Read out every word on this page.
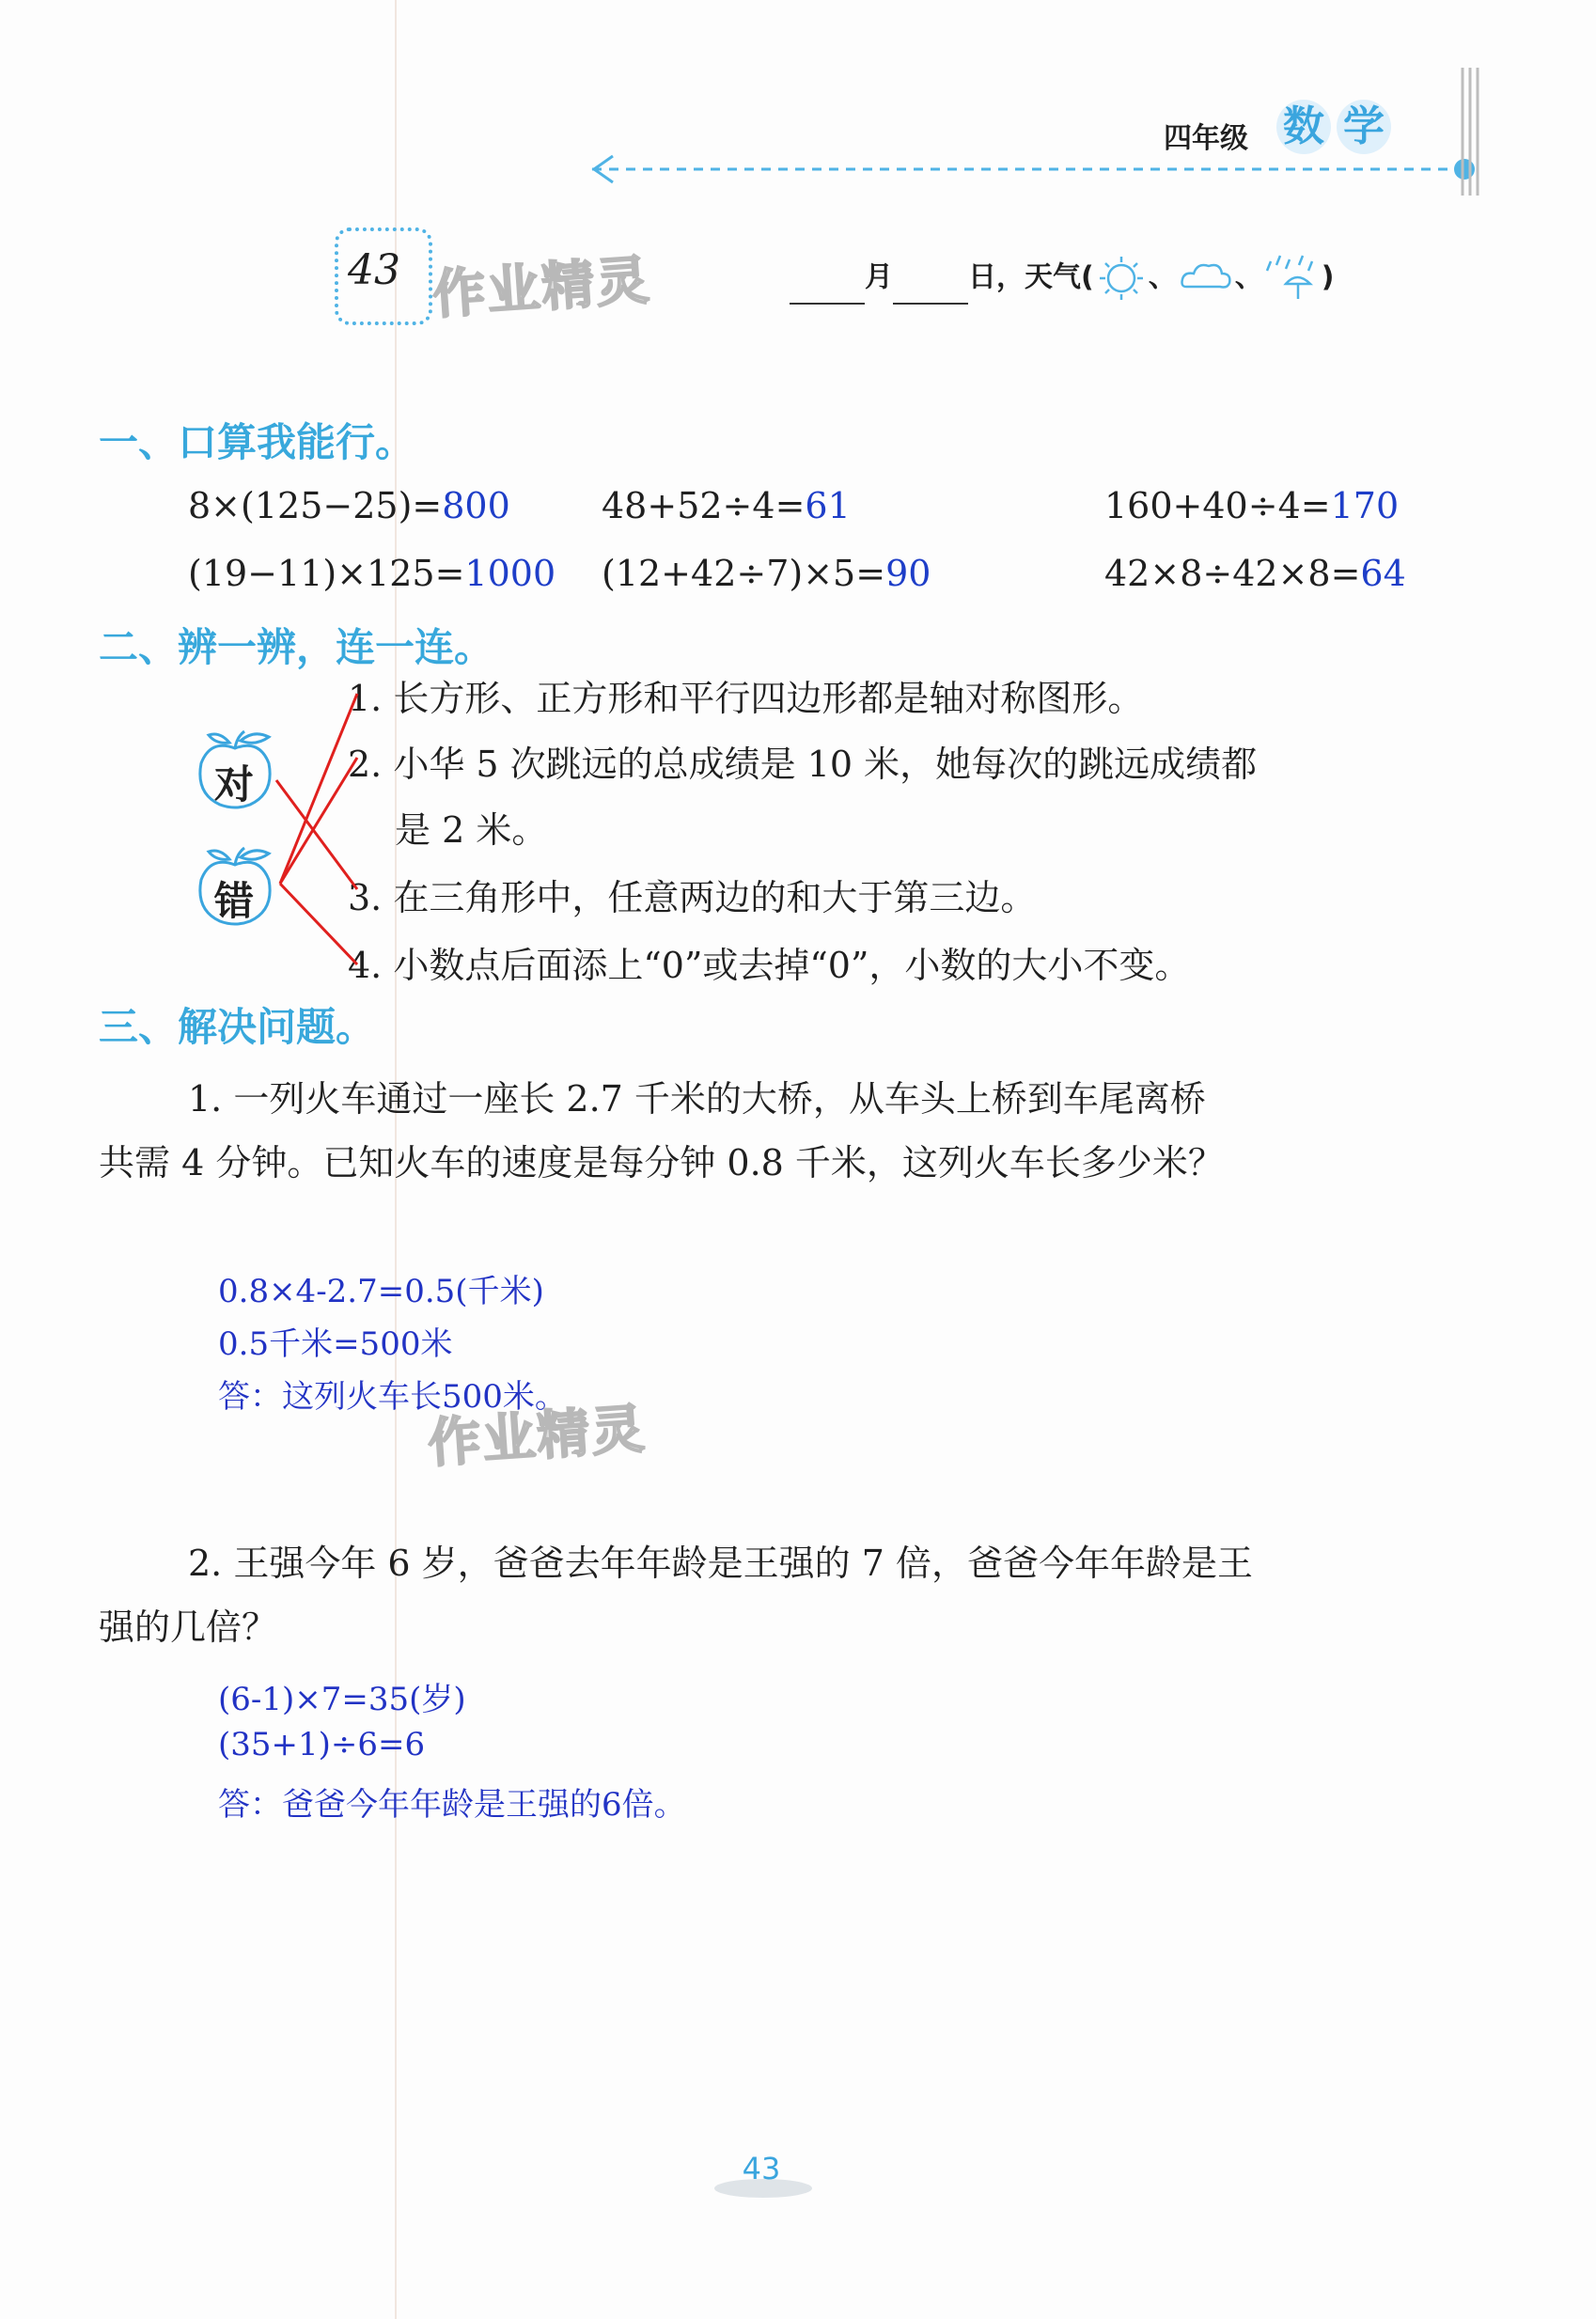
四年级 数 学
43 作业精灵	月	日，天气( 、 、 )
一、口算我能行。
8×(125−25)=800	48+52÷4=61	160+40÷4=170
(19−11)×125=1000 (12+42÷7)×5=90	42×8÷42×8=64
二、辨一辨，连一连。
1. 长方形、正方形和平行四边形都是轴对称图形。
2. 小华 5 次跳远的总成绩是 10 米，她每次的跳远成绩都
是 2 米。
3. 在三角形中，任意两边的和大于第三边。
4. 小数点后面添上“0”或去掉“0”，小数的大小不变。
对
错
三、解决问题。
1. 一列火车通过一座长 2.7 千米的大桥，从车头上桥到车尾离桥
共需 4 分钟。已知火车的速度是每分钟 0.8 千米，这列火车长多少米？
0.8×4-2.7=0.5(千米)
0.5千米=500米
答：这列火车长500米。
作业精灵
2. 王强今年 6 岁，爸爸去年年龄是王强的 7 倍，爸爸今年年龄是王
强的几倍？
(6-1)×7=35(岁)
(35+1)÷6=6
答：爸爸今年年龄是王强的6倍。
43
